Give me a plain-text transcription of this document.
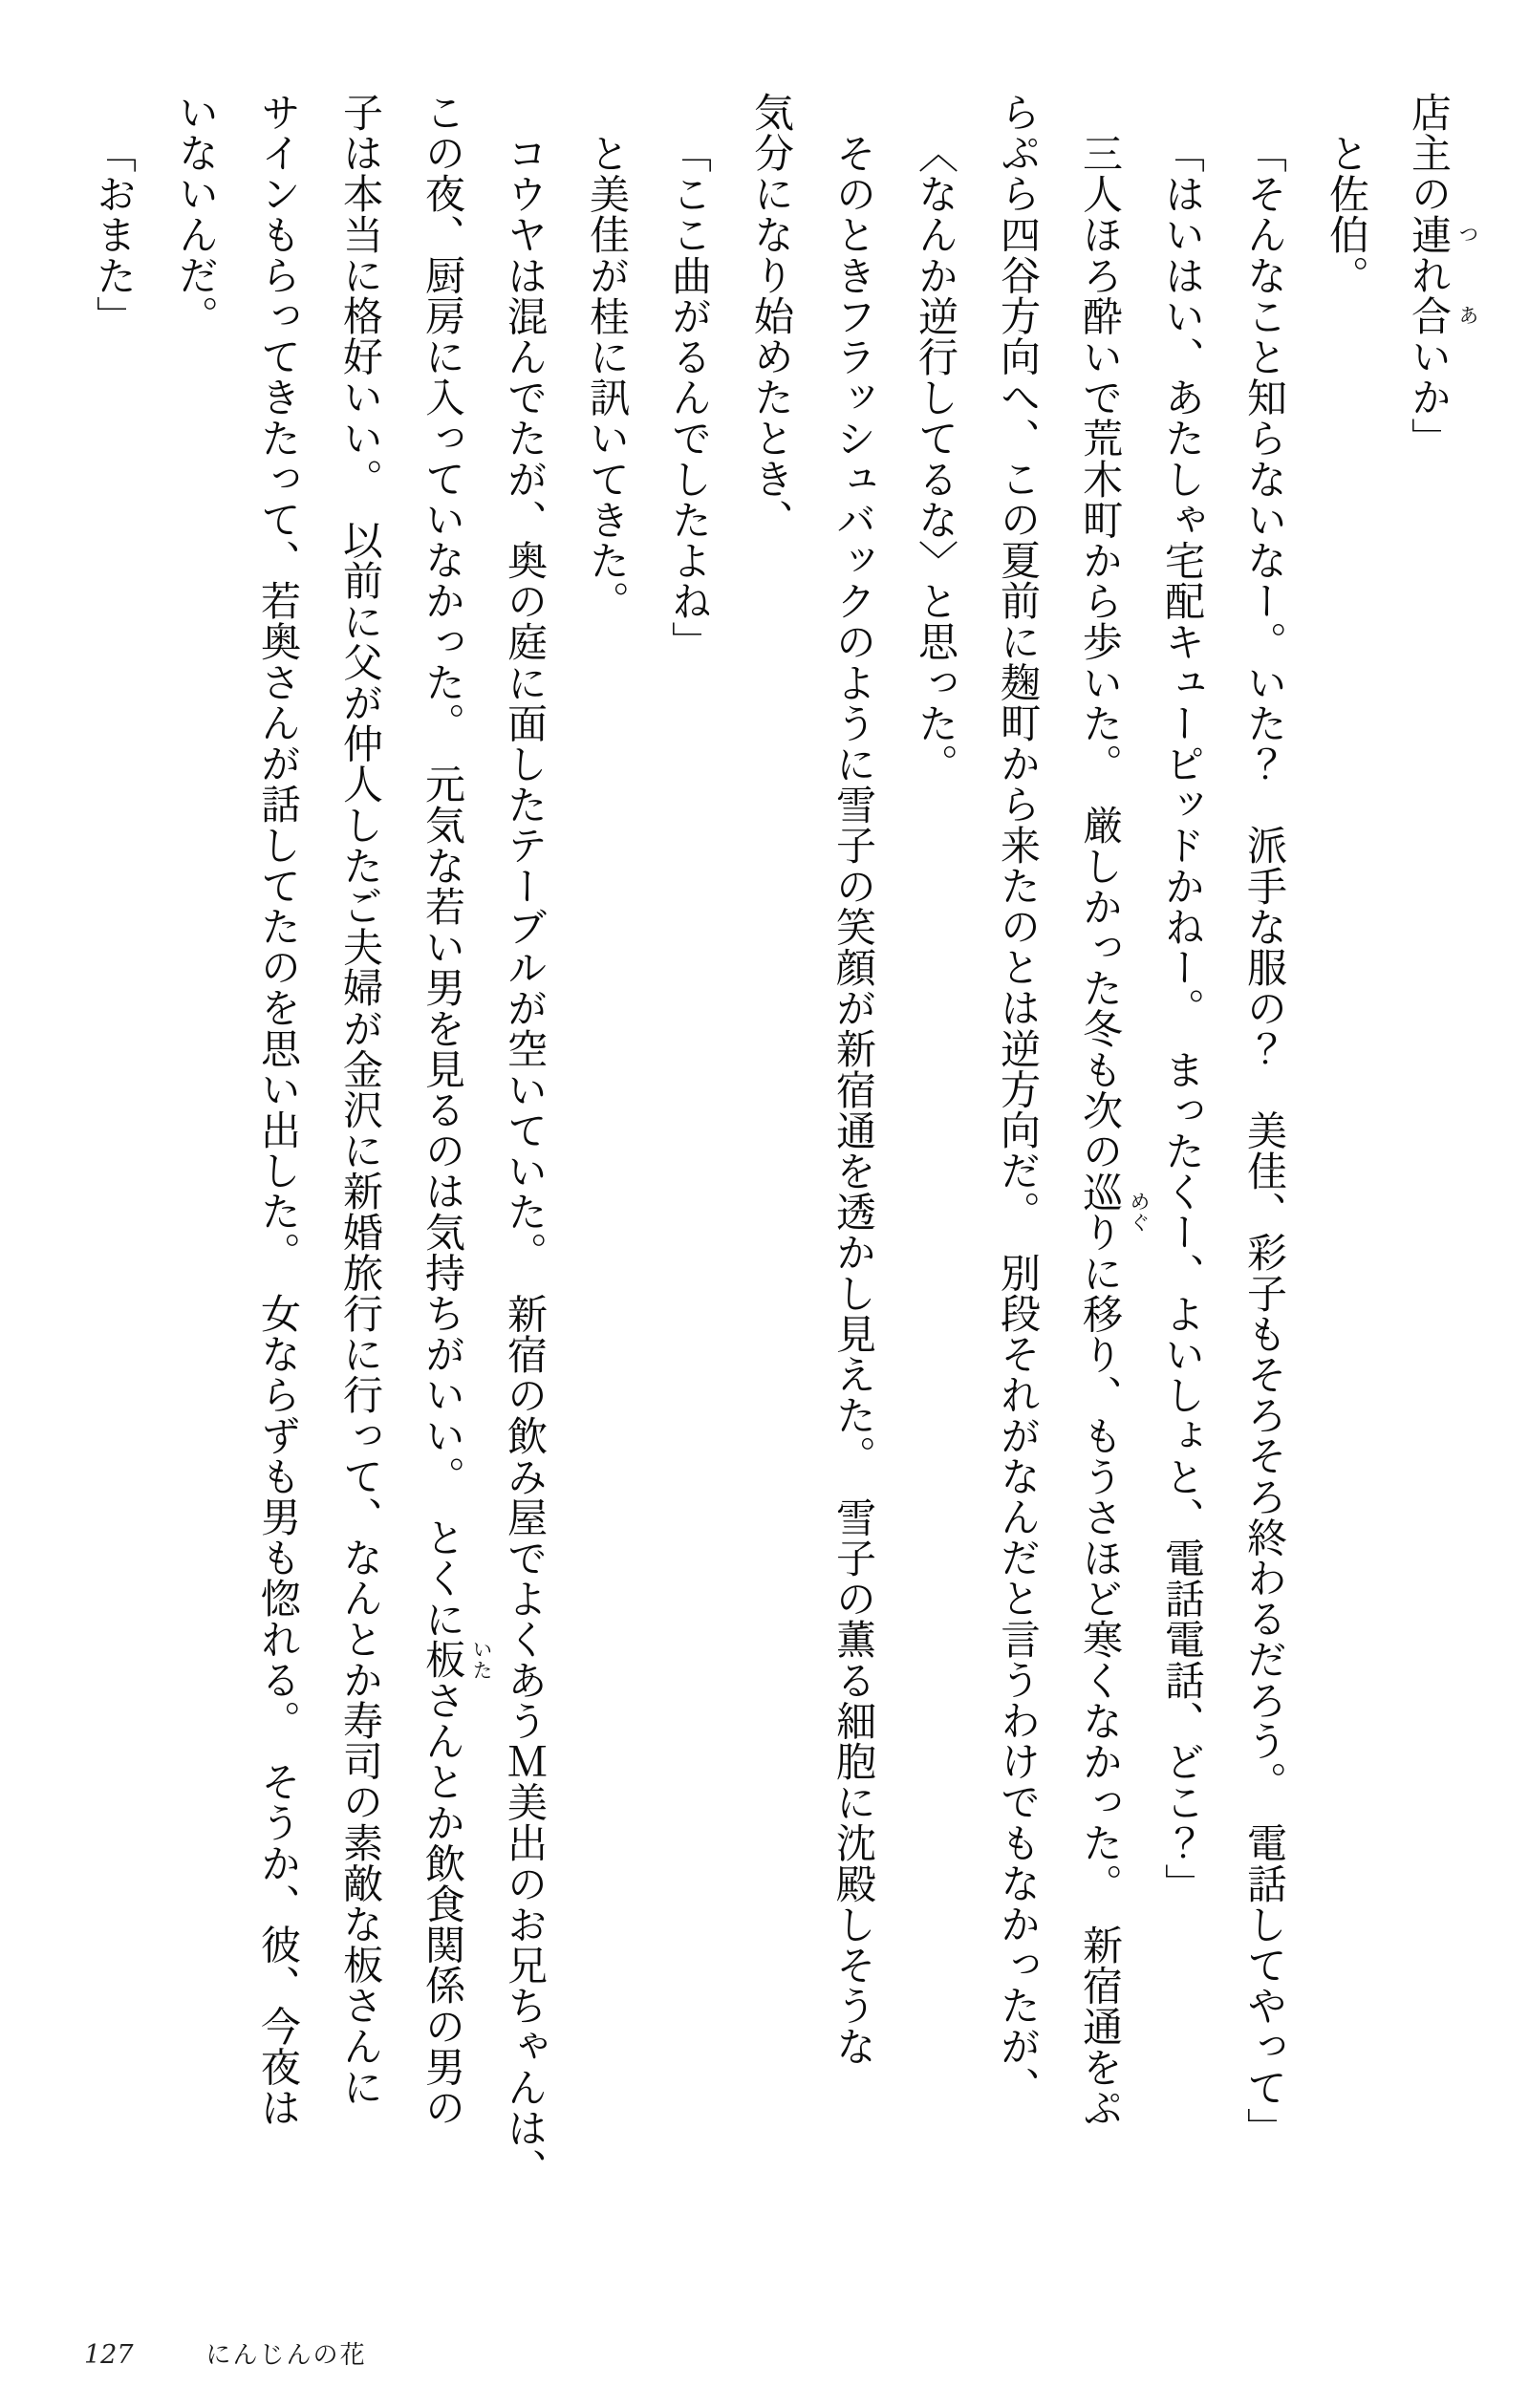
店主の連 つ
れ合 あ
いか」
と佐伯。
「そんなこと知らないなー。いた？　派手な服の？　美佳、彩子もそろそろ終わるだろう。　電話してやって」
「はいはい、あたしゃ宅配キューピッドかねー。　まったくー、よいしょと、電話電話、どこ？」
三人ほろ酔いで荒木町から歩いた。　厳しかった冬も次の巡 めぐ
りに移り、もうさほど寒くなかった。　新宿通をぷ
らぷら四谷方向へ、この夏前に麹町から来たのとは逆方向だ。　別段それがなんだと言うわけでもなかったが、
〈なんか逆行してるな〉と思った。
そのときフラッシュバックのように雪子の笑顔が新宿通を透かし見えた。　雪子の薫る細胞に沈殿しそうな
気分になり始めたとき、
「ここ曲がるんでしたよね」
と美佳が桂に訊いてきた。
コウヤは混んでたが、奥の庭に面したテーブルが空いていた。　新宿の飲み屋でよくあうＭ美出のお兄ちゃんは、
この夜、厨房に入っていなかった。　元気な若い男を見るのは気持ちがいい。　とくに板 いた
さんとか飲食関係の男の
子は本当に格好いい。　以前に父が仲人したご夫婦が金沢に新婚旅行に行って、なんとか寿司の素敵な板さんに
サインもらってきたって、若奥さんが話してたのを思い出した。　女ならずも男も惚れる。　そうか、彼、今夜は
いないんだ。
「おまた」
127	にんじんの花
